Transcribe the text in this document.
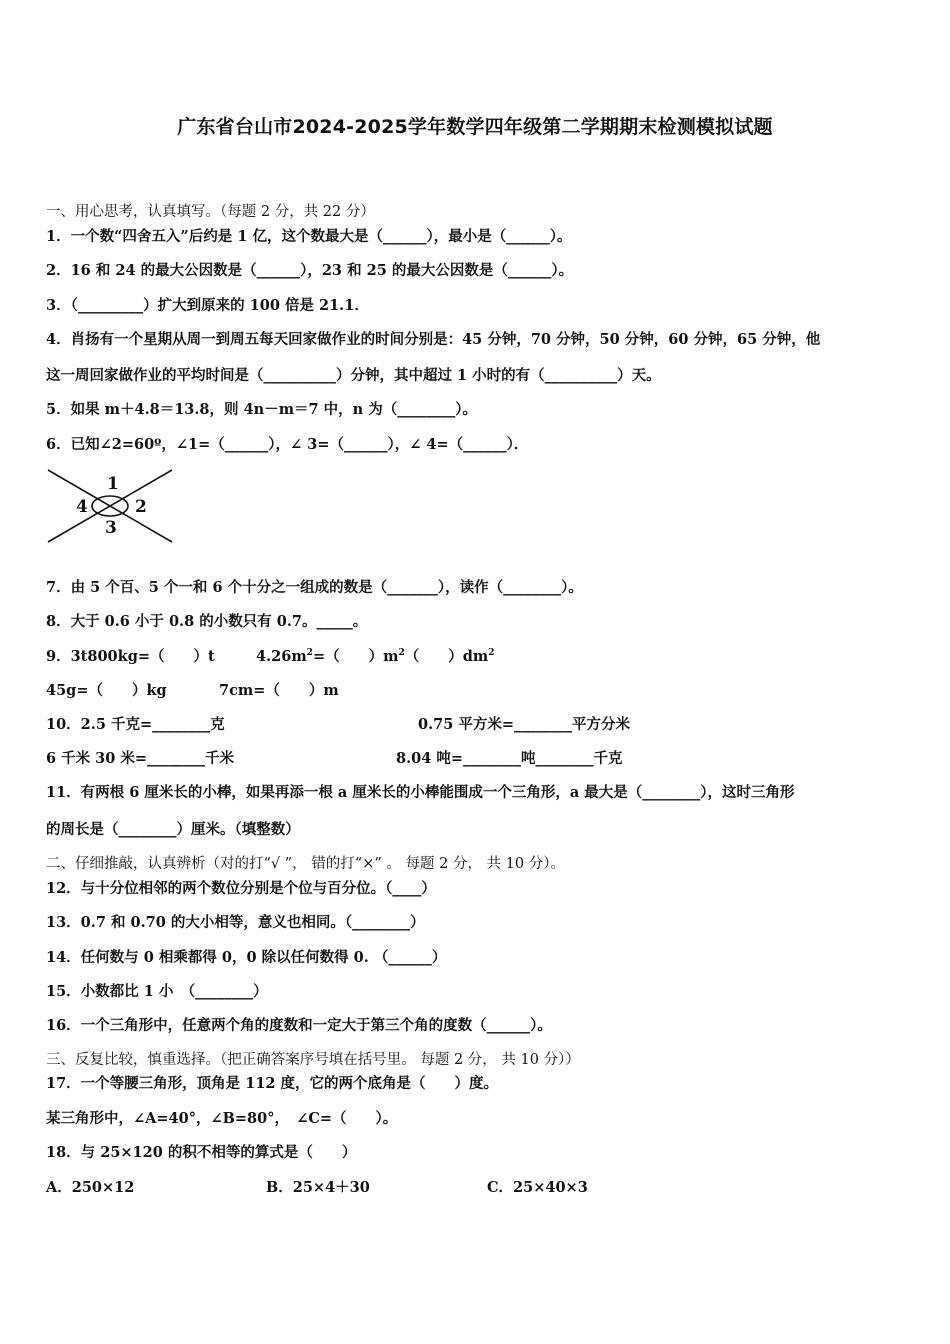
广东省台山市2024-2025学年数学四年级第二学期期末检测模拟试题
一、用心思考，认真填写。（每题 2 分，共 22 分）
1．一个数“四舍五入”后约是 1 亿，这个数最大是（______），最小是（______）。
2．16 和 24 的最大公因数是（______），23 和 25 的最大公因数是（______）。
3．（_________）扩大到原来的 100 倍是 21.1．
4．肖扬有一个星期从周一到周五每天回家做作业的时间分别是：45 分钟，70 分钟，50 分钟，60 分钟，65 分钟，他
这一周回家做作业的平均时间是（__________）分钟，其中超过 1 小时的有（__________）天。
5．如果 m＋4.8＝13.8，则 4n－m＝7 中，n 为（________）。
6．已知∠2=60º，∠1=（______），∠ 3=（______），∠ 4=（______）．
1
2
3
4
7．由 5 个百、5 个一和 6 个十分之一组成的数是（_______），读作（________）。
8．大于 0.6 小于 0.8 的小数只有 0.7。_____。
9．3t800kg=（　　）t	$4.26m^2=$（　　）$m^2$（　　）$dm^2$
45g=（　　）kg	7cm=（　　）m
10．2.5 千克=________克	0.75 平方米=________平方分米
6 千米 30 米=________千米	8.04 吨=________吨________千克
11．有两根 6 厘米长的小棒，如果再添一根 a 厘米长的小棒能围成一个三角形，a 最大是（________），这时三角形
的周长是（________）厘米。（填整数）
二、仔细推敲，认真辨析（对的打“√ ”， 错的打“×” 。 每题 2 分， 共 10 分）。
12．与十分位相邻的两个数位分别是个位与百分位。（____）
13．0.7 和 0.70 的大小相等，意义也相同。（________）
14．任何数与 0 相乘都得 0，0 除以任何数得 0. （______）
15．小数都比 1 小　（________）
16．一个三角形中，任意两个角的度数和一定大于第三个角的度数（______）。
三、反复比较，慎重选择。（把正确答案序号填在括号里。 每题 2 分， 共 10 分））
17．一个等腰三角形，顶角是 112 度，它的两个底角是（　　）度。
某三角形中，∠A=40°，∠B=80°，　∠C=（　　）。
18．与 25×120 的积不相等的算式是（　　）
A．250×12	B．25×4＋30	C．25×40×3
